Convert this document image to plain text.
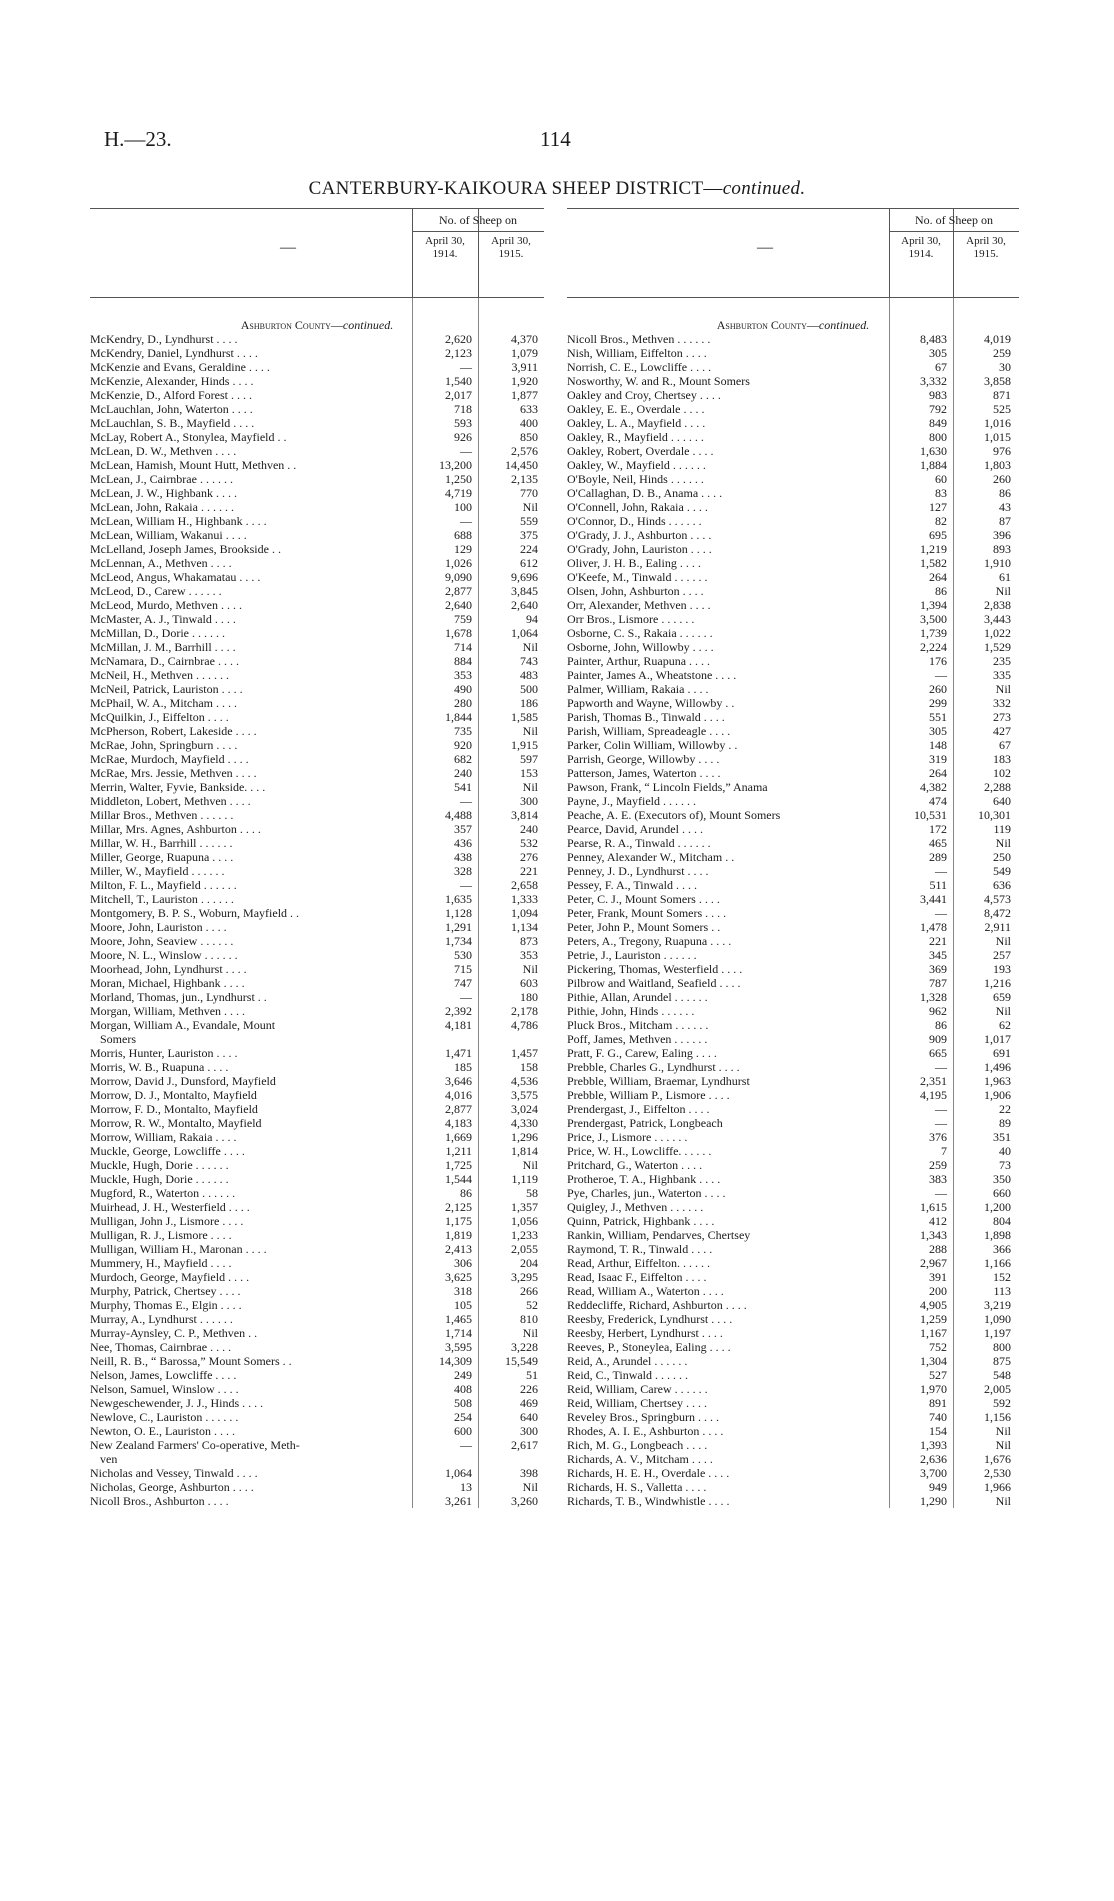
H.—23.	114
CANTERBURY-KAIKOURA SHEEP DISTRICT—continued.
—
No. of Sheep on
April 30,
1914.
April 30,
1915.
Ashburton County—continued.
McKendry, D., Lyndhurst . . . .	2,620	4,370
McKendry, Daniel, Lyndhurst . . . .	2,123	1,079
McKenzie and Evans, Geraldine . . . .	—	3,911
McKenzie, Alexander, Hinds . . . .	1,540	1,920
McKenzie, D., Alford Forest . . . .	2,017	1,877
McLauchlan, John, Waterton . . . .	718	633
McLauchlan, S. B., Mayfield . . . .	593	400
McLay, Robert A., Stonylea, Mayfield . .	926	850
McLean, D. W., Methven . . . .	—	2,576
McLean, Hamish, Mount Hutt, Methven . .	13,200	14,450
McLean, J., Cairnbrae . . . . . .	1,250	2,135
McLean, J. W., Highbank . . . .	4,719	770
McLean, John, Rakaia . . . . . .	100	Nil
McLean, William H., Highbank . . . .	—	559
McLean, William, Wakanui . . . .	688	375
McLelland, Joseph James, Brookside . .	129	224
McLennan, A., Methven . . . .	1,026	612
McLeod, Angus, Whakamatau . . . .	9,090	9,696
McLeod, D., Carew . . . . . .	2,877	3,845
McLeod, Murdo, Methven . . . .	2,640	2,640
McMaster, A. J., Tinwald . . . .	759	94
McMillan, D., Dorie . . . . . .	1,678	1,064
McMillan, J. M., Barrhill . . . .	714	Nil
McNamara, D., Cairnbrae . . . .	884	743
McNeil, H., Methven . . . . . .	353	483
McNeil, Patrick, Lauriston . . . .	490	500
McPhail, W. A., Mitcham . . . .	280	186
McQuilkin, J., Eiffelton . . . .	1,844	1,585
McPherson, Robert, Lakeside . . . .	735	Nil
McRae, John, Springburn . . . .	920	1,915
McRae, Murdoch, Mayfield . . . .	682	597
McRae, Mrs. Jessie, Methven . . . .	240	153
Merrin, Walter, Fyvie, Bankside. . . .	541	Nil
Middleton, Lobert, Methven . . . .	—	300
Millar Bros., Methven . . . . . .	4,488	3,814
Millar, Mrs. Agnes, Ashburton . . . .	357	240
Millar, W. H., Barrhill . . . . . .	436	532
Miller, George, Ruapuna . . . .	438	276
Miller, W., Mayfield . . . . . .	328	221
Milton, F. L., Mayfield . . . . . .	—	2,658
Mitchell, T., Lauriston . . . . . .	1,635	1,333
Montgomery, B. P. S., Woburn, Mayfield . .	1,128	1,094
Moore, John, Lauriston . . . .	1,291	1,134
Moore, John, Seaview . . . . . .	1,734	873
Moore, N. L., Winslow . . . . . .	530	353
Moorhead, John, Lyndhurst . . . .	715	Nil
Moran, Michael, Highbank . . . .	747	603
Morland, Thomas, jun., Lyndhurst . .	—	180
Morgan, William, Methven . . . .	2,392	2,178
Morgan, William A., Evandale, Mount	4,181	4,786
Somers
Morris, Hunter, Lauriston . . . .	1,471	1,457
Morris, W. B., Ruapuna . . . .	185	158
Morrow, David J., Dunsford, Mayfield	3,646	4,536
Morrow, D. J., Montalto, Mayfield	4,016	3,575
Morrow, F. D., Montalto, Mayfield	2,877	3,024
Morrow, R. W., Montalto, Mayfield	4,183	4,330
Morrow, William, Rakaia . . . .	1,669	1,296
Muckle, George, Lowcliffe . . . .	1,211	1,814
Muckle, Hugh, Dorie . . . . . .	1,725	Nil
Muckle, Hugh, Dorie . . . . . .	1,544	1,119
Mugford, R., Waterton . . . . . .	86	58
Muirhead, J. H., Westerfield . . . .	2,125	1,357
Mulligan, John J., Lismore . . . .	1,175	1,056
Mulligan, R. J., Lismore . . . .	1,819	1,233
Mulligan, William H., Maronan . . . .	2,413	2,055
Mummery, H., Mayfield . . . .	306	204
Murdoch, George, Mayfield . . . .	3,625	3,295
Murphy, Patrick, Chertsey . . . .	318	266
Murphy, Thomas E., Elgin . . . .	105	52
Murray, A., Lyndhurst . . . . . .	1,465	810
Murray-Aynsley, C. P., Methven . .	1,714	Nil
Nee, Thomas, Cairnbrae . . . .	3,595	3,228
Neill, R. B., “ Barossa,” Mount Somers . .	14,309	15,549
Nelson, James, Lowcliffe . . . .	249	51
Nelson, Samuel, Winslow . . . .	408	226
Newgeschewender, J. J., Hinds . . . .	508	469
Newlove, C., Lauriston . . . . . .	254	640
Newton, O. E., Lauriston . . . .	600	300
New Zealand Farmers' Co-operative, Meth-	—	2,617
ven
Nicholas and Vessey, Tinwald . . . .	1,064	398
Nicholas, George, Ashburton . . . .	13	Nil
Nicoll Bros., Ashburton . . . .	3,261	3,260
—
No. of Sheep on
April 30,
1914.
April 30,
1915.
Ashburton County—continued.
Nicoll Bros., Methven . . . . . .	8,483	4,019
Nish, William, Eiffelton . . . .	305	259
Norrish, C. E., Lowcliffe . . . .	67	30
Nosworthy, W. and R., Mount Somers	3,332	3,858
Oakley and Croy, Chertsey . . . .	983	871
Oakley, E. E., Overdale . . . .	792	525
Oakley, L. A., Mayfield . . . .	849	1,016
Oakley, R., Mayfield . . . . . .	800	1,015
Oakley, Robert, Overdale . . . .	1,630	976
Oakley, W., Mayfield . . . . . .	1,884	1,803
O'Boyle, Neil, Hinds . . . . . .	60	260
O'Callaghan, D. B., Anama . . . .	83	86
O'Connell, John, Rakaia . . . .	127	43
O'Connor, D., Hinds . . . . . .	82	87
O'Grady, J. J., Ashburton . . . .	695	396
O'Grady, John, Lauriston . . . .	1,219	893
Oliver, J. H. B., Ealing . . . .	1,582	1,910
O'Keefe, M., Tinwald . . . . . .	264	61
Olsen, John, Ashburton . . . .	86	Nil
Orr, Alexander, Methven . . . .	1,394	2,838
Orr Bros., Lismore . . . . . .	3,500	3,443
Osborne, C. S., Rakaia . . . . . .	1,739	1,022
Osborne, John, Willowby . . . .	2,224	1,529
Painter, Arthur, Ruapuna . . . .	176	235
Painter, James A., Wheatstone . . . .	—	335
Palmer, William, Rakaia . . . .	260	Nil
Papworth and Wayne, Willowby . .	299	332
Parish, Thomas B., Tinwald . . . .	551	273
Parish, William, Spreadeagle . . . .	305	427
Parker, Colin William, Willowby . .	148	67
Parrish, George, Willowby . . . .	319	183
Patterson, James, Waterton . . . .	264	102
Pawson, Frank, “ Lincoln Fields,” Anama	4,382	2,288
Payne, J., Mayfield . . . . . .	474	640
Peache, A. E. (Executors of), Mount Somers	10,531	10,301
Pearce, David, Arundel . . . .	172	119
Pearse, R. A., Tinwald . . . . . .	465	Nil
Penney, Alexander W., Mitcham . .	289	250
Penney, J. D., Lyndhurst . . . .	—	549
Pessey, F. A., Tinwald . . . .	511	636
Peter, C. J., Mount Somers . . . .	3,441	4,573
Peter, Frank, Mount Somers . . . .	—	8,472
Peter, John P., Mount Somers . .	1,478	2,911
Peters, A., Tregony, Ruapuna . . . .	221	Nil
Petrie, J., Lauriston . . . . . .	345	257
Pickering, Thomas, Westerfield . . . .	369	193
Pilbrow and Waitland, Seafield . . . .	787	1,216
Pithie, Allan, Arundel . . . . . .	1,328	659
Pithie, John, Hinds . . . . . .	962	Nil
Pluck Bros., Mitcham . . . . . .	86	62
Poff, James, Methven . . . . . .	909	1,017
Pratt, F. G., Carew, Ealing . . . .	665	691
Prebble, Charles G., Lyndhurst . . . .	—	1,496
Prebble, William, Braemar, Lyndhurst	2,351	1,963
Prebble, William P., Lismore . . . .	4,195	1,906
Prendergast, J., Eiffelton . . . .	—	22
Prendergast, Patrick, Longbeach	—	89
Price, J., Lismore . . . . . .	376	351
Price, W. H., Lowcliffe. . . . . .	7	40
Pritchard, G., Waterton . . . .	259	73
Protheroe, T. A., Highbank . . . .	383	350
Pye, Charles, jun., Waterton . . . .	—	660
Quigley, J., Methven . . . . . .	1,615	1,200
Quinn, Patrick, Highbank . . . .	412	804
Rankin, William, Pendarves, Chertsey	1,343	1,898
Raymond, T. R., Tinwald . . . .	288	366
Read, Arthur, Eiffelton. . . . . .	2,967	1,166
Read, Isaac F., Eiffelton . . . .	391	152
Read, William A., Waterton . . . .	200	113
Reddecliffe, Richard, Ashburton . . . .	4,905	3,219
Reesby, Frederick, Lyndhurst . . . .	1,259	1,090
Reesby, Herbert, Lyndhurst . . . .	1,167	1,197
Reeves, P., Stoneylea, Ealing . . . .	752	800
Reid, A., Arundel . . . . . .	1,304	875
Reid, C., Tinwald . . . . . .	527	548
Reid, William, Carew . . . . . .	1,970	2,005
Reid, William, Chertsey . . . .	891	592
Reveley Bros., Springburn . . . .	740	1,156
Rhodes, A. I. E., Ashburton . . . .	154	Nil
Rich, M. G., Longbeach . . . .	1,393	Nil
Richards, A. V., Mitcham . . . .	2,636	1,676
Richards, H. E. H., Overdale . . . .	3,700	2,530
Richards, H. S., Valletta . . . .	949	1,966
Richards, T. B., Windwhistle . . . .	1,290	Nil
